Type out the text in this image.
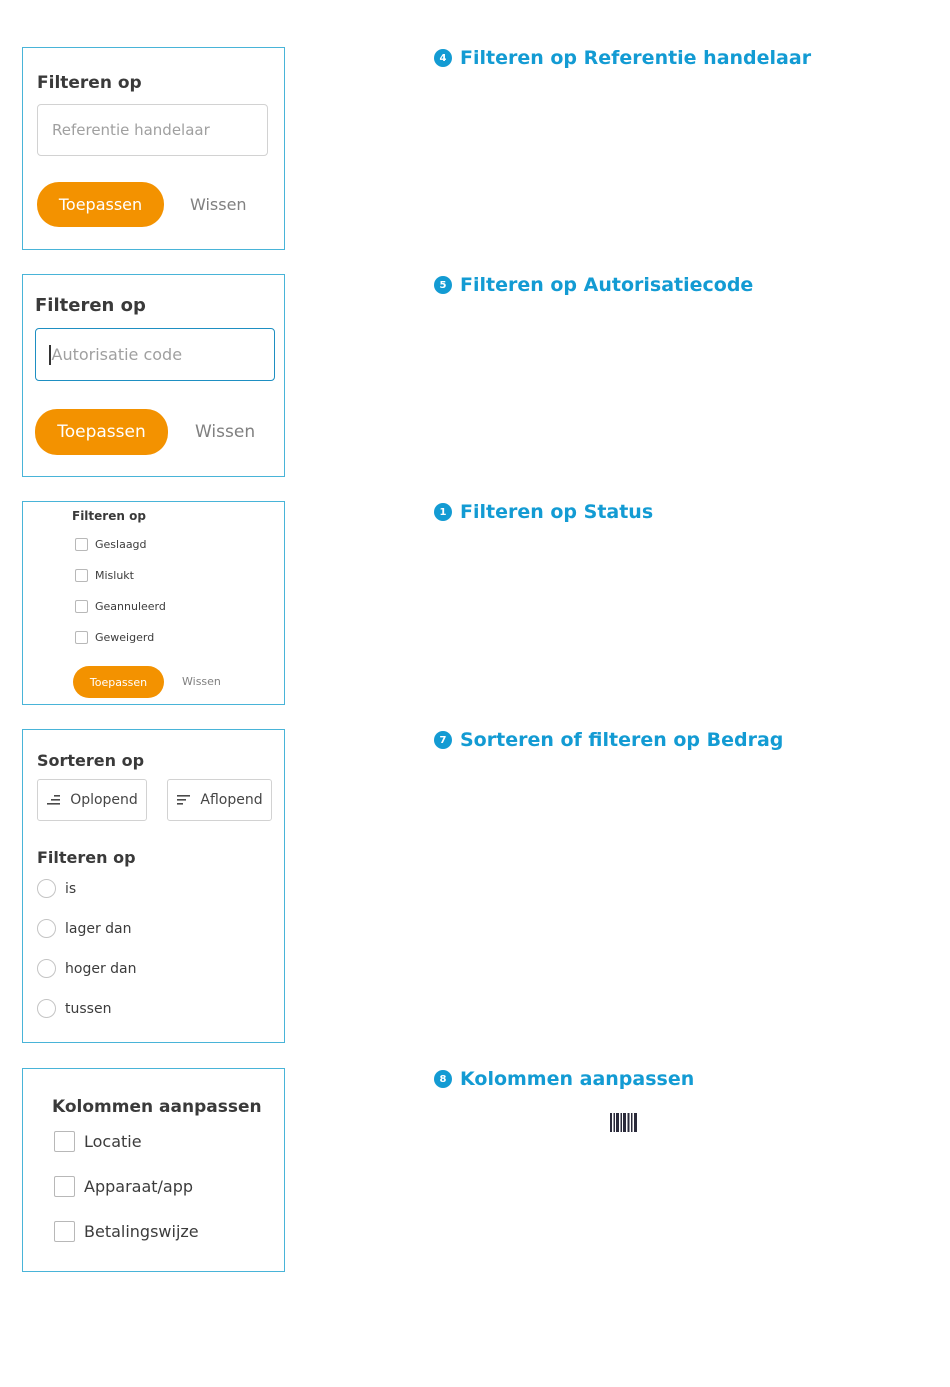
Filteren op
Referentie handelaar
Toepassen	Wissen
Filteren op
Autorisatie code
Toepassen	Wissen
Filteren op
Geslaagd
Mislukt
Geannuleerd
Geweigerd
Toepassen	Wissen
Sorteren op
Oplopend	Aflopend
Filteren op
is
lager dan
hoger dan
tussen
Kolommen aanpassen
Locatie
Apparaat/app
Betalingswijze
4 Filteren op Referentie handelaar
5 Filteren op Autorisatiecode
1 Filteren op Status
7 Sorteren of filteren op Bedrag
8 Kolommen aanpassen
